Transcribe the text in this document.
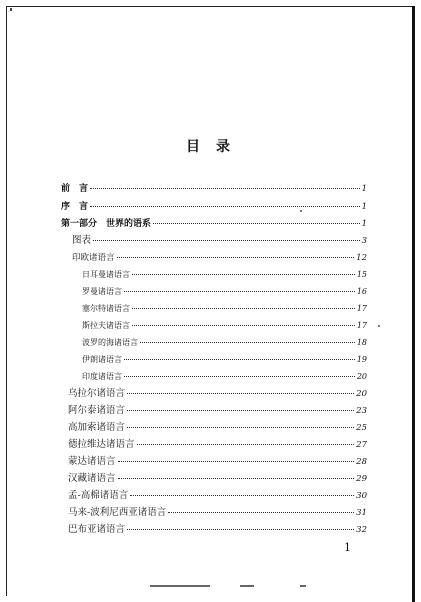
目　录
前　言	1
序　言	1
第一部分　世界的语系	1
图表	3
印欧诸语言	12
日耳曼诸语言	15
罗曼诸语言	16
塞尔特诸语言	17
斯拉夫诸语言	17
波罗的海诸语言	18
伊朗诸语言	19
印度诸语言	20
乌拉尔诸语言	20
阿尔泰诸语言	23
高加索诸语言	25
德拉维达诸语言	27
蒙达诸语言	28
汉藏诸语言	29
孟-高棉诸语言	30
马来-波利尼西亚诸语言	31
巴布亚诸语言	32
1
